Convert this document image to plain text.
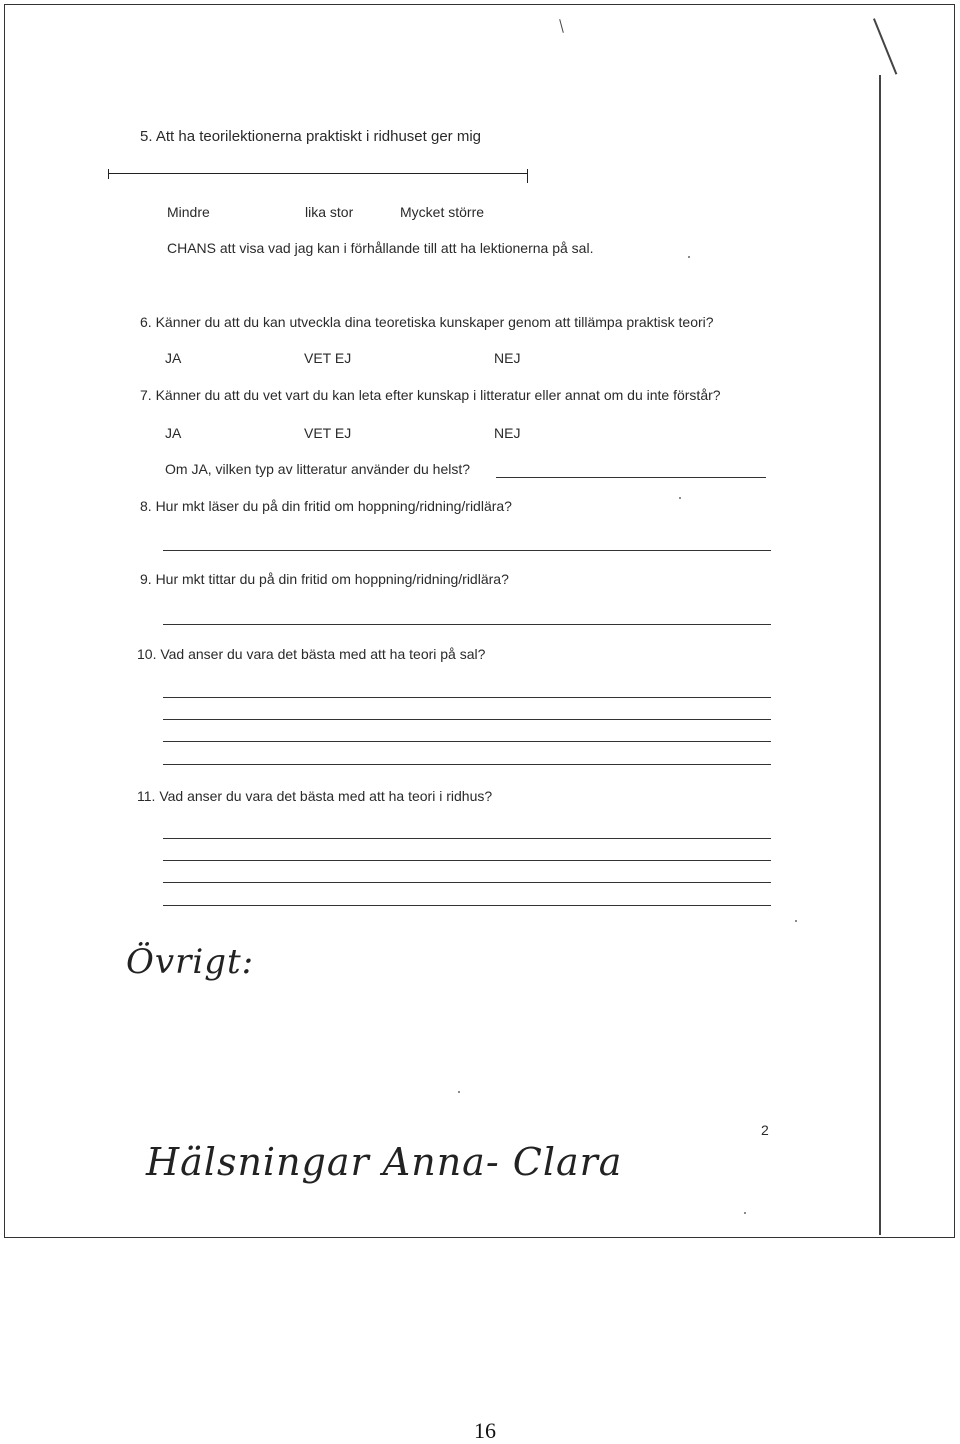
5. Att ha teorilektionerna praktiskt i ridhuset ger mig
Mindre	lika stor	Mycket större
CHANS att visa vad jag kan i förhållande till att ha lektionerna på sal.
6. Känner du att du kan utveckla dina teoretiska kunskaper genom att tillämpa praktisk teori?
JA	VET EJ	NEJ
7. Känner du att du vet vart du kan leta efter kunskap i litteratur eller annat om du inte förstår?
JA	VET EJ	NEJ
Om JA, vilken typ av litteratur använder du helst?
8. Hur mkt läser du på din fritid om hoppning/ridning/ridlära?
9. Hur mkt tittar du på din fritid om hoppning/ridning/ridlära?
10. Vad anser du vara det bästa med att ha teori på sal?
11. Vad anser du vara det bästa med att ha teori i ridhus?
Övrigt:
2
Hälsningar Anna- Clara
16
